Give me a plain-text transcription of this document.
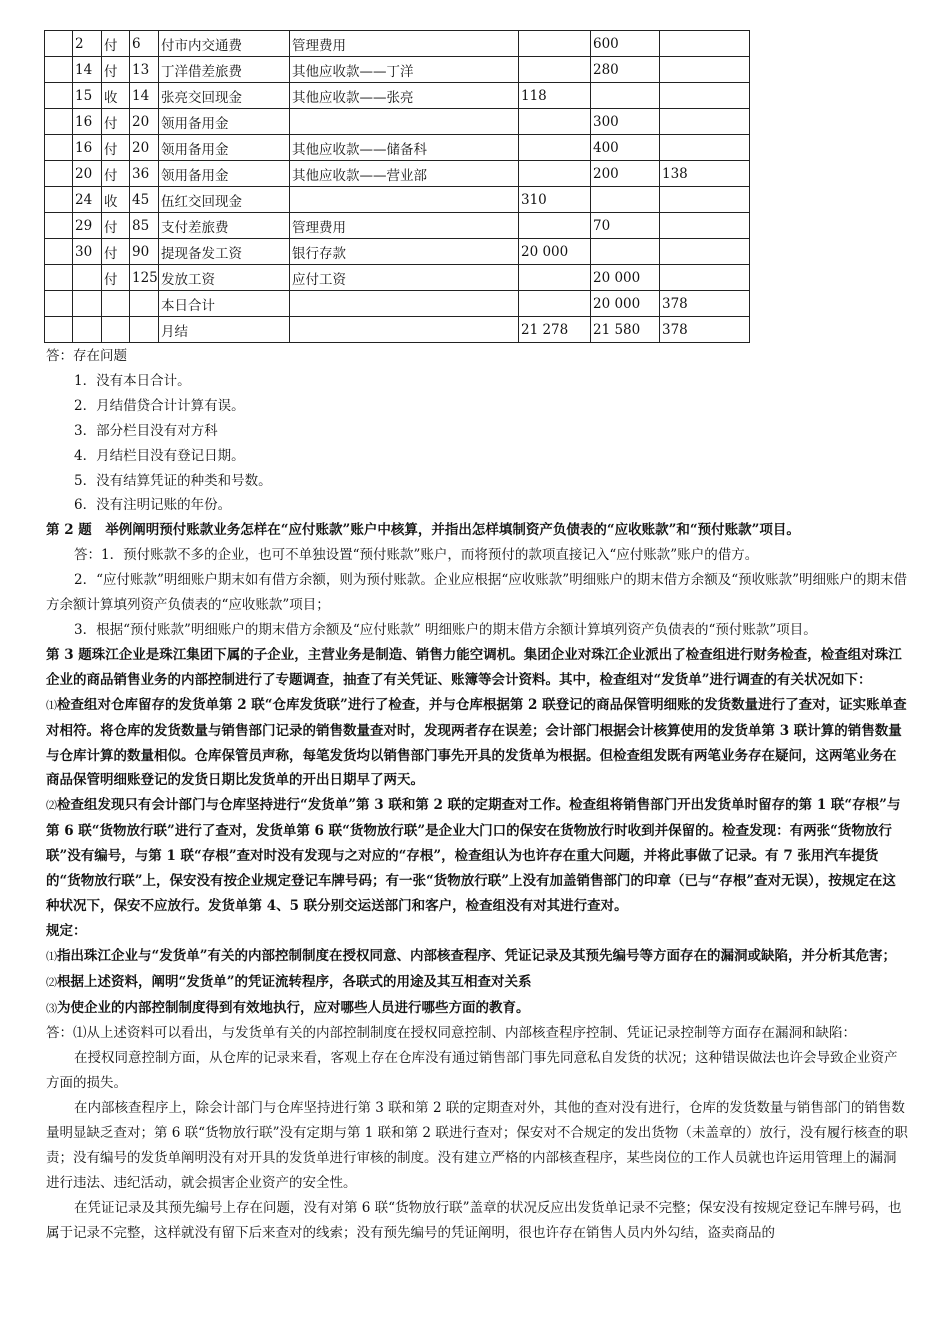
	2	付	6	付市内交通费	管理费用		600	
	14	付	13	丁洋借差旅费	其他应收款——丁洋		280	
	15	收	14	张亮交回现金	其他应收款——张亮	118		
	16	付	20	领用备用金			300	
	16	付	20	领用备用金	其他应收款——储备科		400	
	20	付	36	领用备用金	其他应收款——营业部		200	138
	24	收	45	伍红交回现金		310		
	29	付	85	支付差旅费	管理费用		70	
	30	付	90	提现备发工资	银行存款	20 000		
		付	125	发放工资	应付工资		20 000	
				本日合计			20 000	378
				月结		21 278	21 580	378

答：存在问题

1．没有本日合计。

2．月结借贷合计计算有误。

3．部分栏目没有对方科

4．月结栏目没有登记日期。

5．没有结算凭证的种类和号数。

6．没有注明记账的年份。

第 2 题　 举例阐明预付账款业务怎样在“应付账款”账户中核算，并指出怎样填制资产负债表的“应收账款”和“预付账款”项目。

答：1．预付账款不多的企业，也可不单独设置“预付账款”账户，而将预付的款项直接记入“应付账款”账户的借方。

2．“应付账款”明细账户期末如有借方余额，则为预付账款。企业应根据“应收账款”明细账户的期末借方余额及“预收账款”明细账户的期末借方余额计算填列资产负债表的“应收账款”项目；

3．根据“预付账款”明细账户的期末借方余额及“应付账款” 明细账户的期末借方余额计算填列资产负债表的“预付账款”项目。

第 3 题珠江企业是珠江集团下属的子企业，主营业务是制造、销售力能空调机。集团企业对珠江企业派出了检查组进行财务检查，检查组对珠江企业的商品销售业务的内部控制进行了专题调查，抽查了有关凭证、账簿等会计资料。其中，检查组对“发货单”进行调查的有关状况如下：

⑴检查组对仓库留存的发货单第 2 联“仓库发货联”进行了检查，并与仓库根据第 2 联登记的商品保管明细账的发货数量进行了查对，证实账单查对相符。将仓库的发货数量与销售部门记录的销售数量查对时，发现两者存在误差；会计部门根据会计核算使用的发货单第 3 联计算的销售数量与仓库计算的数量相似。仓库保管员声称，每笔发货均以销售部门事先开具的发货单为根据。但检查组发既有两笔业务存在疑问，这两笔业务在商品保管明细账登记的发货日期比发货单的开出日期早了两天。

⑵检查组发现只有会计部门与仓库坚持进行“发货单”第 3 联和第 2 联的定期查对工作。检查组将销售部门开出发货单时留存的第 1 联“存根”与第 6 联“货物放行联”进行了查对，发货单第 6 联“货物放行联”是企业大门口的保安在货物放行时收到并保留的。检查发现：有两张“货物放行联”没有编号，与第 1 联“存根”查对时没有发现与之对应的“存根”，检查组认为也许存在重大问题，并将此事做了记录。有 7 张用汽车提货的“货物放行联”上，保安没有按企业规定登记车牌号码；有一张“货物放行联”上没有加盖销售部门的印章（已与“存根”查对无误），按规定在这种状况下，保安不应放行。发货单第 4、5 联分别交运送部门和客户，检查组没有对其进行查对。

规定：

⑴指出珠江企业与“发货单”有关的内部控制制度在授权同意、内部核查程序、凭证记录及其预先编号等方面存在的漏洞或缺陷，并分析其危害；

⑵根据上述资料，阐明“发货单”的凭证流转程序，各联式的用途及其互相查对关系

⑶为使企业的内部控制制度得到有效地执行，应对哪些人员进行哪些方面的教育。

答：⑴从上述资料可以看出，与发货单有关的内部控制制度在授权同意控制、内部核查程序控制、凭证记录控制等方面存在漏洞和缺陷：

在授权同意控制方面，从仓库的记录来看，客观上存在仓库没有通过销售部门事先同意私自发货的状况；这种错误做法也许会导致企业资产方面的损失。

在内部核查程序上，除会计部门与仓库坚持进行第 3 联和第 2 联的定期查对外，其他的查对没有进行，仓库的发货数量与销售部门的销售数量明显缺乏查对；第 6 联“货物放行联”没有定期与第 1 联和第 2 联进行查对；保安对不合规定的发出货物（未盖章的）放行，没有履行核查的职责；没有编号的发货单阐明没有对开具的发货单进行审核的制度。没有建立严格的内部核查程序，某些岗位的工作人员就也许运用管理上的漏洞进行违法、违纪活动，就会损害企业资产的安全性。

在凭证记录及其预先编号上存在问题，没有对第 6 联“货物放行联”盖章的状况反应出发货单记录不完整；保安没有按规定登记车牌号码，也属于记录不完整，这样就没有留下后来查对的线索；没有预先编号的凭证阐明，很也许存在销售人员内外勾结，盗卖商品的
